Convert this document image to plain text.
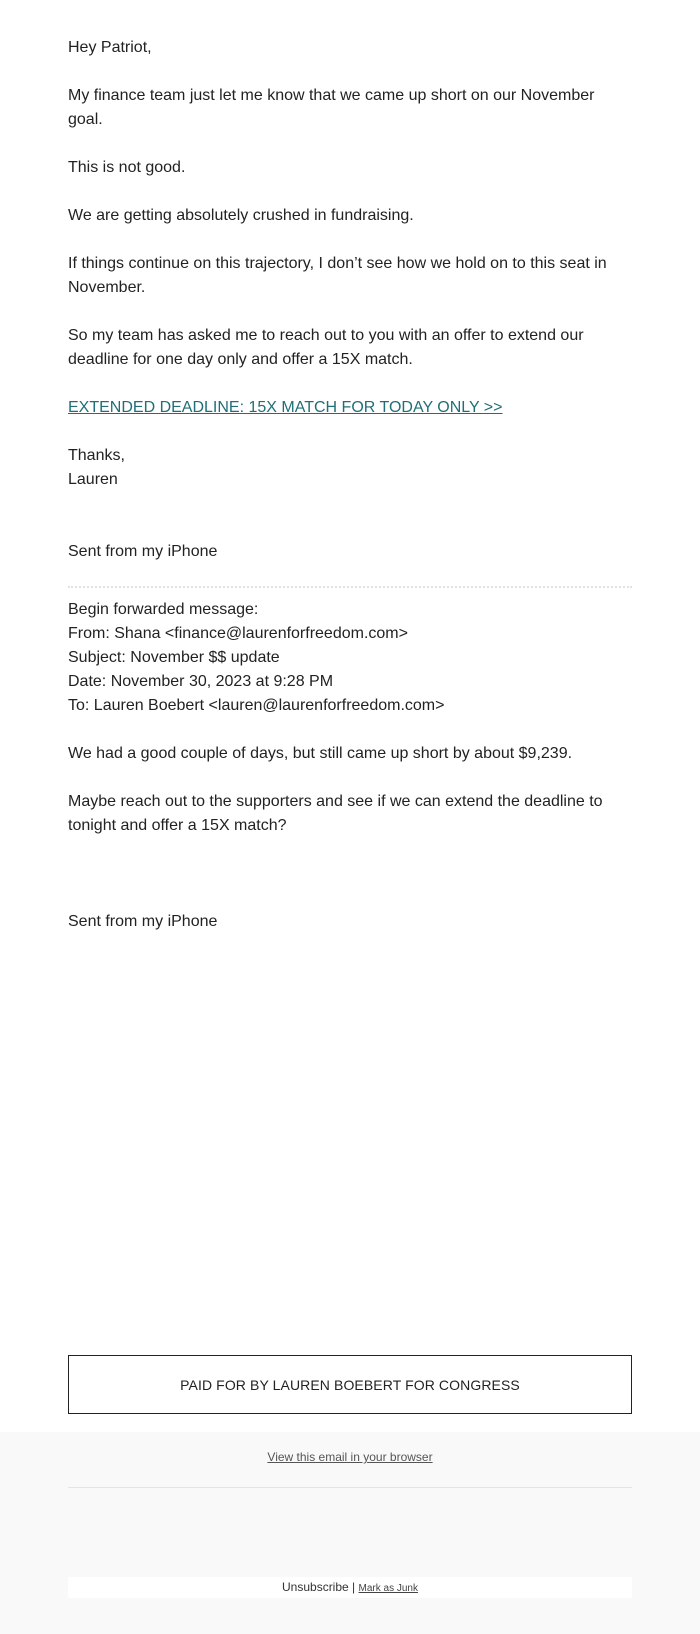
Hey Patriot,

My finance team just let me know that we came up short on our November goal.

This is not good.

We are getting absolutely crushed in fundraising.

If things continue on this trajectory, I don’t see how we hold on to this seat in November.

So my team has asked me to reach out to you with an offer to extend our deadline for one day only and offer a 15X match.

EXTENDED DEADLINE: 15X MATCH FOR TODAY ONLY >>

Thanks,
Lauren

Sent from my iPhone

Begin forwarded message:
From: Shana <finance@laurenforfreedom.com>
Subject: November $$ update
Date: November 30, 2023 at 9:28 PM
To: Lauren Boebert <lauren@laurenforfreedom.com>

We had a good couple of days, but still came up short by about $9,239.

Maybe reach out to the supporters and see if we can extend the deadline to tonight and offer a 15X match?

Sent from my iPhone

PAID FOR BY LAUREN BOEBERT FOR CONGRESS
View this email in your browser
Unsubscribe | Mark as Junk
